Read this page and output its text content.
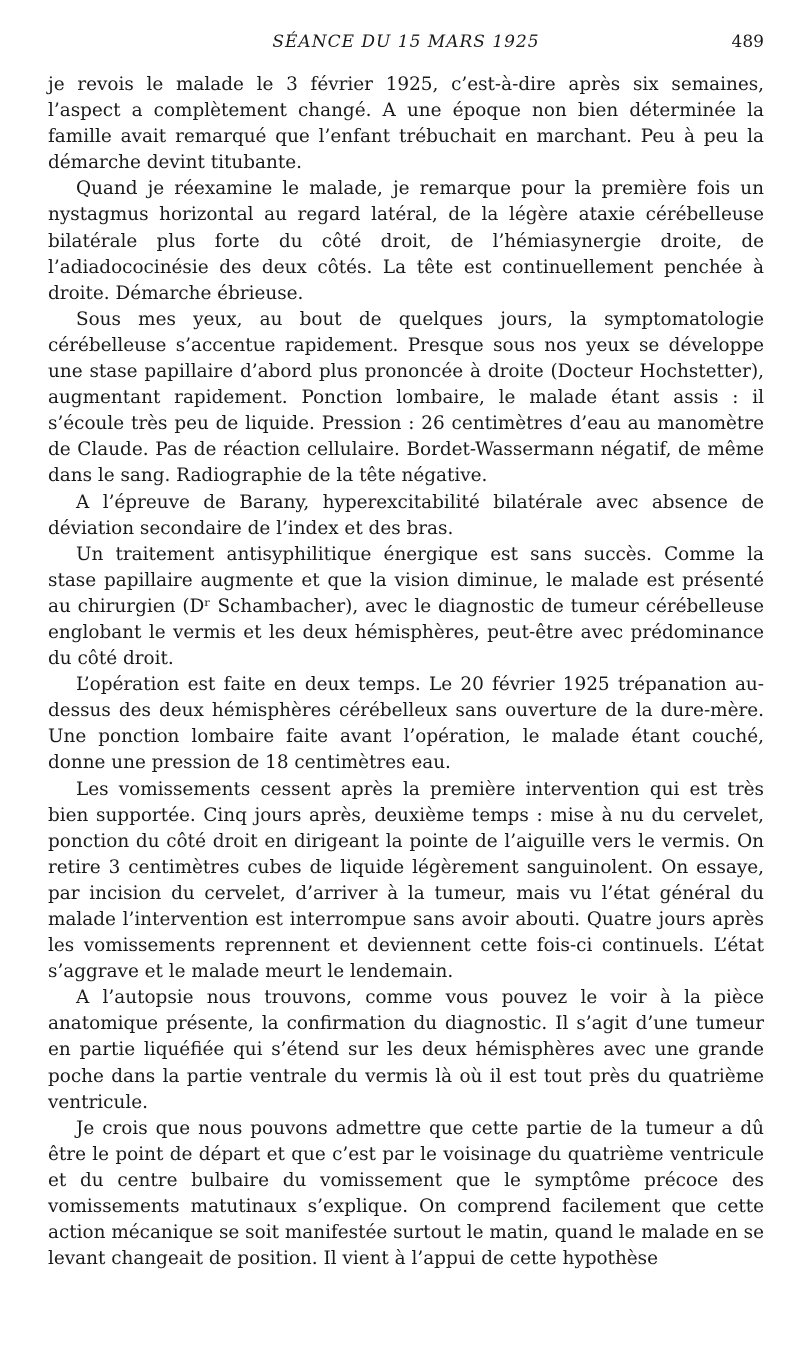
SÉANCE DU 15 MARS 1925	489

je revois le malade le 3 février 1925, c’est-à-dire après six semaines, l’aspect a complètement changé. A une époque non bien déterminée la famille avait remarqué que l’enfant trébuchait en marchant. Peu à peu la démarche devint titubante.

Quand je réexamine le malade, je remarque pour la première fois un nystagmus horizontal au regard latéral, de la légère ataxie cérébelleuse bilatérale plus forte du côté droit, de l’hémiasynergie droite, de l’adiadococinésie des deux côtés. La tête est continuellement penchée à droite. Démarche ébrieuse.

Sous mes yeux, au bout de quelques jours, la symptomatologie cérébelleuse s’accentue rapidement. Presque sous nos yeux se développe une stase papillaire d’abord plus prononcée à droite (Docteur Hochstetter), augmentant rapidement. Ponction lombaire, le malade étant assis : il s’écoule très peu de liquide. Pression : 26 centimètres d’eau au manomètre de Claude. Pas de réaction cellulaire. Bordet-Wassermann négatif, de même dans le sang. Radiographie de la tête négative.

A l’épreuve de Barany, hyperexcitabilité bilatérale avec absence de déviation secondaire de l’index et des bras.

Un traitement antisyphilitique énergique est sans succès. Comme la stase papillaire augmente et que la vision diminue, le malade est présenté au chirurgien (Dʳ Schambacher), avec le diagnostic de tumeur cérébelleuse englobant le vermis et les deux hémisphères, peut-être avec prédominance du côté droit.

L’opération est faite en deux temps. Le 20 février 1925 trépanation au-dessus des deux hémisphères cérébelleux sans ouverture de la dure-mère. Une ponction lombaire faite avant l’opération, le malade étant couché, donne une pression de 18 centimètres eau.

Les vomissements cessent après la première intervention qui est très bien supportée. Cinq jours après, deuxième temps : mise à nu du cervelet, ponction du côté droit en dirigeant la pointe de l’aiguille vers le vermis. On retire 3 centimètres cubes de liquide légèrement sanguinolent. On essaye, par incision du cervelet, d’arriver à la tumeur, mais vu l’état général du malade l’intervention est interrompue sans avoir abouti. Quatre jours après les vomissements reprennent et deviennent cette fois-ci continuels. L’état s’aggrave et le malade meurt le lendemain.

A l’autopsie nous trouvons, comme vous pouvez le voir à la pièce anatomique présente, la confirmation du diagnostic. Il s’agit d’une tumeur en partie liquéfiée qui s’étend sur les deux hémisphères avec une grande poche dans la partie ventrale du vermis là où il est tout près du quatrième ventricule.

Je crois que nous pouvons admettre que cette partie de la tumeur a dû être le point de départ et que c’est par le voisinage du quatrième ventricule et du centre bulbaire du vomissement que le symptôme précoce des vomissements matutinaux s’explique. On comprend facilement que cette action mécanique se soit manifestée surtout le matin, quand le malade en se levant changeait de position. Il vient à l’appui de cette hypothèse
